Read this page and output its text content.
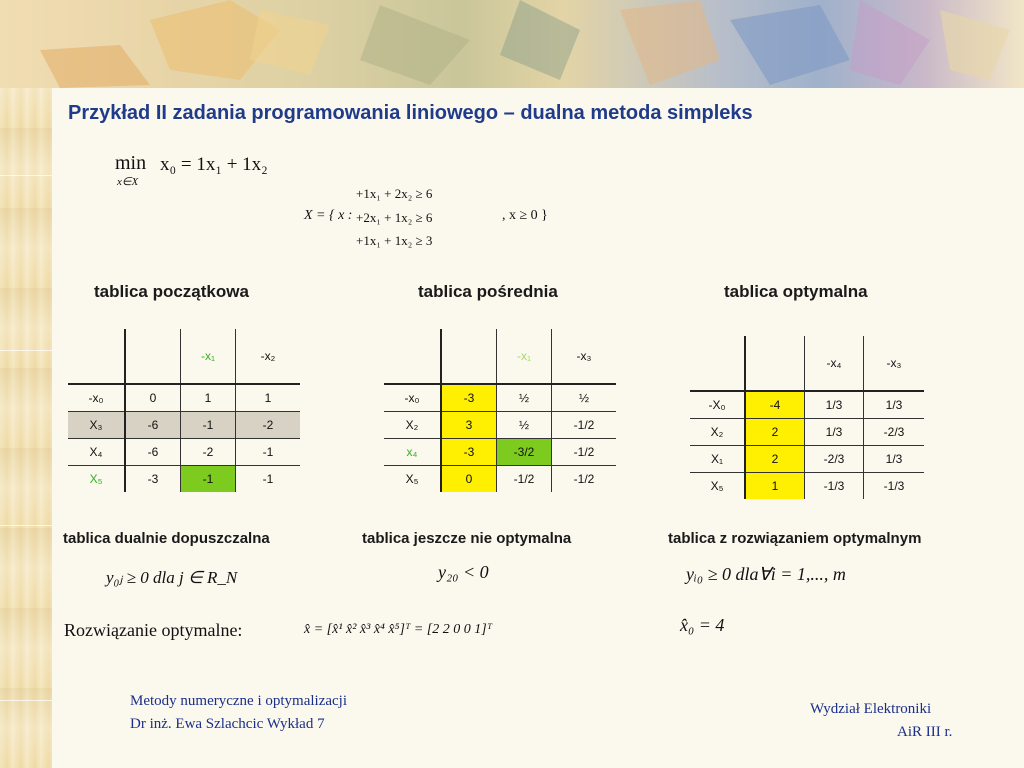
Przykład II zadania programowania liniowego – dualna metoda simpleks
min
x∈X
x₀ = 1x₁ + 1x₂
X = { x :
+1x₁ + 2x₂ ≥ 6
+2x₁ + 1x₂ ≥ 6
+1x₁ + 1x₂ ≥ 3
, x ≥ 0 }
tablica początkowa	tablica pośrednia	tablica optymalna
		-x₁	-x₂
-x₀	0	1	1
X₃	-6	-1	-2
X₄	-6	-2	-1
X₅	-3	-1	-1
		-x₁	-x₃
-x₀	-3	½	½
X₂	3	½	-1/2
x₄	-3	-3/2	-1/2
X₅	0	-1/2	-1/2
		-x₄	-x₃
-X₀	-4	1/3	1/3
X₂	2	1/3	-2/3
X₁	2	-2/3	1/3
X₅	1	-1/3	-1/3
tablica dualnie dopuszczalna	tablica jeszcze nie optymalna	tablica z rozwiązaniem optymalnym
y₀ⱼ ≥ 0 dla j ∈ R_N	y₂₀ < 0	yᵢ₀ ≥ 0 dla∀i = 1,..., m
Rozwiązanie optymalne:	x̂ = [x̂¹ x̂² x̂³ x̂⁴ x̂⁵]ᵀ = [2 2 0 0 1]ᵀ	x̂₀ = 4
Metody numeryczne i optymalizacji
Dr inż. Ewa Szlachcic Wykład 7
Wydział Elektroniki
AiR III r.
